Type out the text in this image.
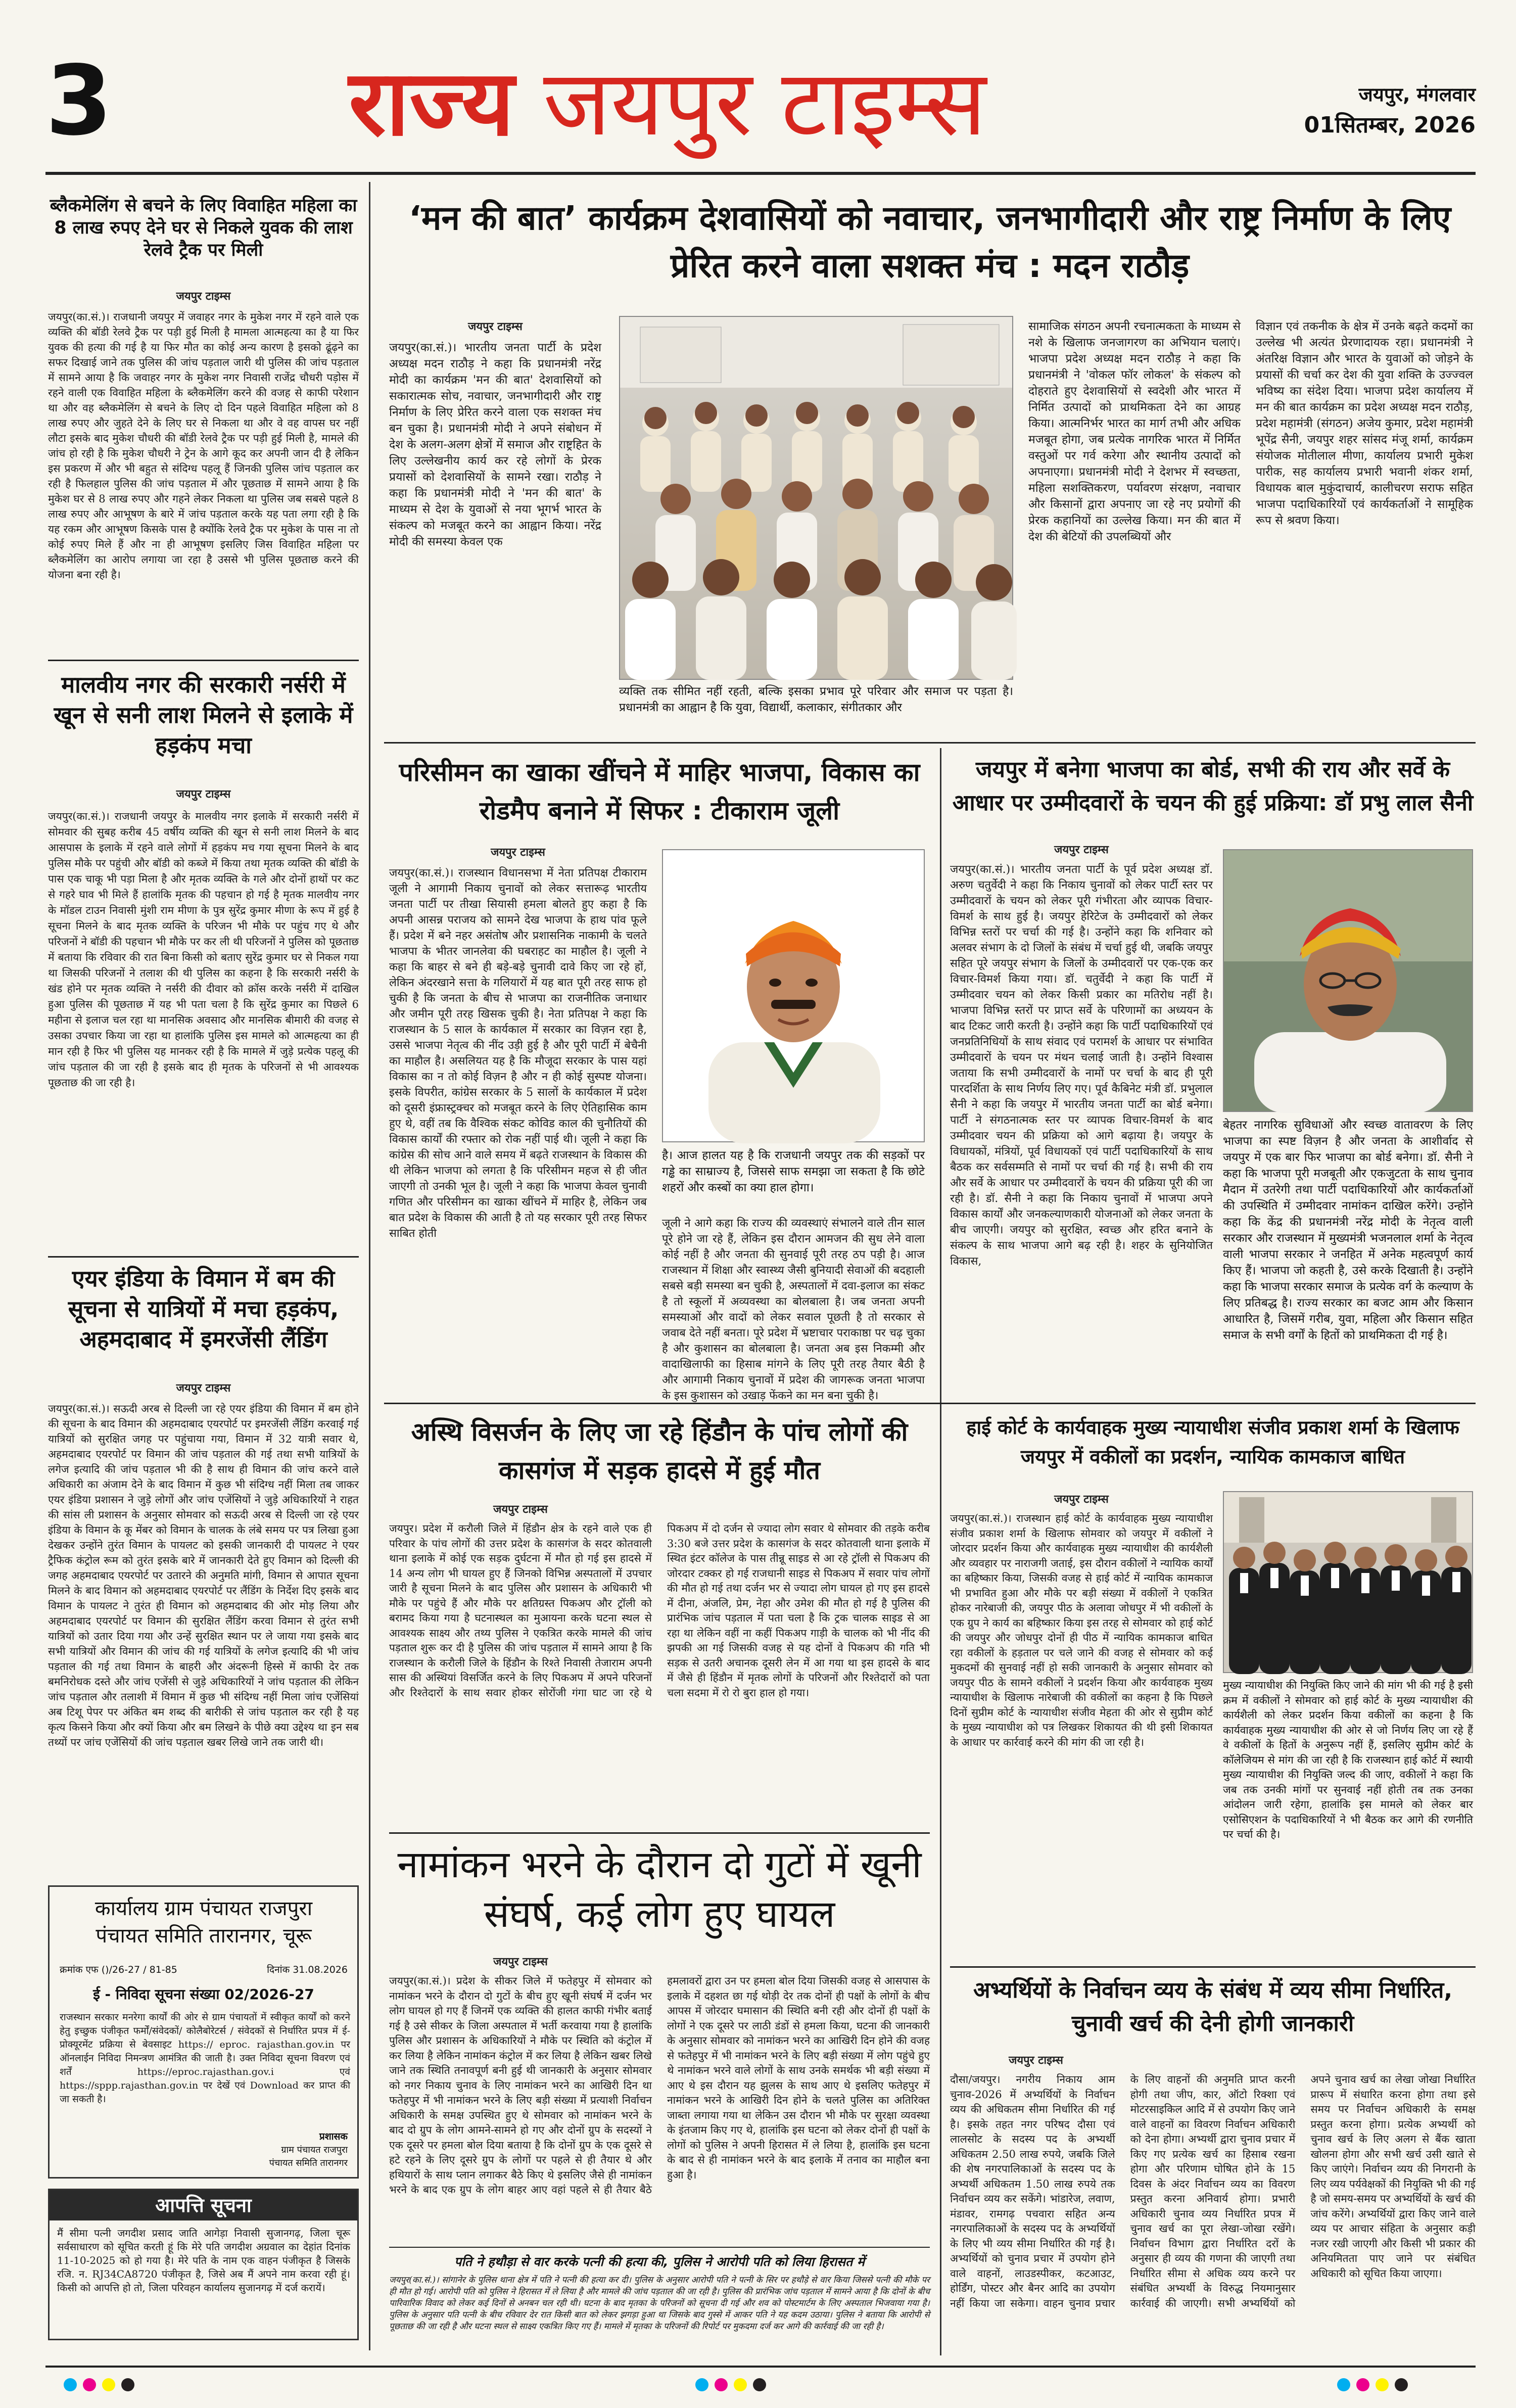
3	राज्य जयपुर टाइम्स	जयपुर, मंगलवार
01सितम्बर, 2026
ब्लैकमेलिंग से बचने के लिए विवाहित महिला का 8 लाख रुपए देने घर से निकले युवक की लाश रेलवे ट्रैक पर मिली
जयपुर टाइम्स
जयपुर(का.सं.)। राजधानी जयपुर में जवाहर नगर के मुकेश नगर में रहने वाले एक व्यक्ति की बॉडी रेलवे ट्रैक पर पड़ी हुई मिली है मामला आत्महत्या का है या फिर युवक की हत्या की गई है या फिर मौत का कोई अन्य कारण है इसको ढूंढ़ने का सफर दिखाई जाने तक पुलिस की जांच पड़ताल जारी थी पुलिस की जांच पड़ताल में सामने आया है कि जवाहर नगर के मुकेश नगर निवासी राजेंद्र चौधरी पड़ोस में रहने वाली एक विवाहित महिला के ब्लैकमेलिंग करने की वजह से काफी परेशान था और वह ब्लैकमेलिंग से बचने के लिए दो दिन पहले विवाहित महिला को 8 लाख रुपए और जुहते देने के लिए घर से निकला था और वे वह वापस घर नहीं लौटा इसके बाद मुकेश चौधरी की बॉडी रेलवे ट्रैक पर पड़ी हुई मिली है, मामले की जांच हो रही है कि मुकेश चौधरी ने ट्रेन के आगे कूद कर अपनी जान दी है लेकिन इस प्रकरण में और भी बहुत से संदिग्ध पहलू हैं जिनकी पुलिस जांच पड़ताल कर रही है फिलहाल पुलिस की जांच पड़ताल में और पूछताछ में सामने आया है कि मुकेश घर से 8 लाख रुपए और गहने लेकर निकला था पुलिस जब सबसे पहले 8 लाख रुपए और आभूषण के बारे में जांच पड़ताल करके यह पता लगा रही है कि यह रकम और आभूषण किसके पास है क्योंकि रेलवे ट्रैक पर मुकेश के पास ना तो कोई रुपए मिले हैं और ना ही आभूषण इसलिए जिस विवाहित महिला पर ब्लैकमेलिंग का आरोप लगाया जा रहा है उससे भी पुलिस पूछताछ करने की योजना बना रही है।
मालवीय नगर की सरकारी नर्सरी में खून से सनी लाश मिलने से इलाके में हड़कंप मचा
जयपुर टाइम्स
जयपुर(का.सं.)। राजधानी जयपुर के मालवीय नगर इलाके में सरकारी नर्सरी में सोमवार की सुबह करीब 45 वर्षीय व्यक्ति की खून से सनी लाश मिलने के बाद आसपास के इलाके में रहने वाले लोगों में हड़कंप मच गया सूचना मिलने के बाद पुलिस मौके पर पहुंची और बॉडी को कब्जे में किया तथा मृतक व्यक्ति की बॉडी के पास एक चाकू भी पड़ा मिला है और मृतक व्यक्ति के गले और दोनों हाथों पर कट से गहरे घाव भी मिले हैं हालांकि मृतक की पहचान हो गई है मृतक मालवीय नगर के मॉडल टाउन निवासी मुंशी राम मीणा के पुत्र सुरेंद्र कुमार मीणा के रूप में हुई है सूचना मिलने के बाद मृतक व्यक्ति के परिजन भी मौके पर पहुंच गए थे और परिजनों ने बॉडी की पहचान भी मौके पर कर ली थी परिजनों ने पुलिस को पूछताछ में बताया कि रविवार की रात बिना किसी को बताए सुरेंद्र कुमार घर से निकल गया था जिसकी परिजनों ने तलाश की थी पुलिस का कहना है कि सरकारी नर्सरी के खंड होने पर मृतक व्यक्ति ने नर्सरी की दीवार को क्रॉस करके नर्सरी में दाखिल हुआ पुलिस की पूछताछ में यह भी पता चला है कि सुरेंद्र कुमार का पिछले 6 महीना से इलाज चल रहा था मानसिक अवसाद और मानसिक बीमारी की वजह से उसका उपचार किया जा रहा था हालांकि पुलिस इस मामले को आत्महत्या का ही मान रही है फिर भी पुलिस यह मानकर रही है कि मामले में जुड़े प्रत्येक पहलू की जांच पड़ताल की जा रही है इसके बाद ही मृतक के परिजनों से भी आवश्यक पूछताछ की जा रही है।
एयर इंडिया के विमान में बम की सूचना से यात्रियों में मचा हड़कंप, अहमदाबाद में इमरजेंसी लैंडिंग
जयपुर टाइम्स
जयपुर(का.सं.)। सऊदी अरब से दिल्ली जा रहे एयर इंडिया की विमान में बम होने की सूचना के बाद विमान की अहमदाबाद एयरपोर्ट पर इमरजेंसी लैंडिंग करवाई गई यात्रियों को सुरक्षित जगह पर पहुंचाया गया, विमान में 32 यात्री सवार थे, अहमदाबाद एयरपोर्ट पर विमान की जांच पड़ताल की गई तथा सभी यात्रियों के लगेज इत्यादि की जांच पड़ताल भी की है साथ ही विमान की जांच करने वाले अधिकारी का अंजाम देने के बाद विमान में कुछ भी संदिग्ध नहीं मिला तब जाकर एयर इंडिया प्रशासन ने जुड़े लोगों और जांच एजेंसियों ने जुड़े अधिकारियों ने राहत की सांस ली प्रशासन के अनुसार सोमवार को सऊदी अरब से दिल्ली जा रहे एयर इंडिया के विमान के कू मेंबर को विमान के चालक के लंबे समय पर पत्र लिखा हुआ देखकर उन्होंने तुरंत विमान के पायलट को इसकी जानकारी दी पायलट ने एयर ट्रैफिक कंट्रोल रूम को तुरंत इसके बारे में जानकारी देते हुए विमान को दिल्ली की जगह अहमदाबाद एयरपोर्ट पर उतारने की अनुमति मांगी, विमान से आपात सूचना मिलने के बाद विमान को अहमदाबाद एयरपोर्ट पर लैंडिंग के निर्देश दिए इसके बाद विमान के पायलट ने तुरंत ही विमान को अहमदाबाद की ओर मोड़ लिया और अहमदाबाद एयरपोर्ट पर विमान की सुरक्षित लैंडिंग करवा विमान से तुरंत सभी यात्रियों को उतार दिया गया और उन्हें सुरक्षित स्थान पर ले जाया गया इसके बाद सभी यात्रियों और विमान की जांच की गई यात्रियों के लगेज इत्यादि की भी जांच पड़ताल की गई तथा विमान के बाहरी और अंदरूनी हिस्से में काफी देर तक बमनिरोधक दस्ते और जांच एजेंसी से जुड़े अधिकारियों ने जांच पड़ताल की लेकिन जांच पड़ताल और तलाशी में विमान में कुछ भी संदिग्ध नहीं मिला जांच एजेंसियां अब टिशू पेपर पर अंकित बम शब्द की बारीकी से जांच पड़ताल कर रही है यह कृत्य किसने किया और क्यों किया और बम लिखने के पीछे क्या उद्देश्य था इन सब तथ्यों पर जांच एजेंसियों की जांच पड़ताल खबर लिखे जाने तक जारी थी।
कार्यालय ग्राम पंचायत राजपुरा
पंचायत समिति तारानगर, चूरू
क्रमांक एफ ()/26-27 / 81-85	दिनांक 31.08.2026
ई - निविदा सूचना संख्या 02/2026-27
राजस्थान सरकार मनरेगा कार्यों की ओर से ग्राम पंचायतों में स्वीकृत कार्यों को करने हेतु इच्छुक पंजीकृत फर्मों/संवेदकों/ कोलैबोरेटर्स / संवेदकों से निर्धारित प्रपत्र में ई-प्रोक्यूरमेंट प्रक्रिया से बेवसाइट https:// eproc. rajasthan.gov.in पर ऑनलाईन निविदा निमन्त्रण आमंत्रित की जाती है। उक्त निविदा सूचना विवरण एवं शर्तें https://eproc.rajasthan.gov.i एवं https://sppp.rajasthan.gov.in पर देखें एवं Download कर प्राप्त की जा सकती है।
प्रशासक
ग्राम पंचायत राजपुरा
पंचायत समिति तारानगर
आपत्ति सूचना
मैं सीमा पत्नी जगदीश प्रसाद जाति आगेड़ा निवासी सुजानगढ़, जिला चूरू सर्वसाधारण को सूचित करती हूं कि मेरे पति जगदीश अग्रवाल का देहांत दिनांक 11-10-2025 को हो गया है। मेरे पति के नाम एक वाहन पंजीकृत है जिसके रजि. न. RJ34CA8720 पंजीकृत है, जिसे अब मैं अपने नाम करवा रही हूं। किसी को आपत्ति हो तो, जिला परिवहन कार्यालय सुजानगढ़ में दर्ज करायें।
‘मन की बात’ कार्यक्रम देशवासियों को नवाचार, जनभागीदारी और राष्ट्र निर्माण के लिए प्रेरित करने वाला सशक्त मंच : मदन राठौड़
जयपुर टाइम्स
जयपुर(का.सं.)। भारतीय जनता पार्टी के प्रदेश अध्यक्ष मदन राठौड़ ने कहा कि प्रधानमंत्री नरेंद्र मोदी का कार्यक्रम 'मन की बात' देशवासियों को सकारात्मक सोच, नवाचार, जनभागीदारी और राष्ट्र निर्माण के लिए प्रेरित करने वाला एक सशक्त मंच बन चुका है। प्रधानमंत्री मोदी ने अपने संबोधन में देश के अलग-अलग क्षेत्रों में समाज और राष्ट्रहित के लिए उल्लेखनीय कार्य कर रहे लोगों के प्रेरक प्रयासों को देशवासियों के सामने रखा। राठौड़ ने कहा कि प्रधानमंत्री मोदी ने 'मन की बात' के माध्यम से देश के युवाओं से नया भूगर्भ भारत के संकल्प को मजबूत करने का आह्वान किया। नरेंद्र मोदी की समस्या केवल एक
व्यक्ति तक सीमित नहीं रहती, बल्कि इसका प्रभाव पूरे परिवार और समाज पर पड़ता है। प्रधानमंत्री का आह्वान है कि युवा, विद्यार्थी, कलाकार, संगीतकार और
सामाजिक संगठन अपनी रचनात्मकता के माध्यम से नशे के खिलाफ जनजागरण का अभियान चलाएं। भाजपा प्रदेश अध्यक्ष मदन राठौड़ ने कहा कि प्रधानमंत्री ने 'वोकल फॉर लोकल' के संकल्प को दोहराते हुए देशवासियों से स्वदेशी और भारत में निर्मित उत्पादों को प्राथमिकता देने का आग्रह किया। आत्मनिर्भर भारत का मार्ग तभी और अधिक मजबूत होगा, जब प्रत्येक नागरिक भारत में निर्मित वस्तुओं पर गर्व करेगा और स्थानीय उत्पादों को अपनाएगा। प्रधानमंत्री मोदी ने देशभर में स्वच्छता, महिला सशक्तिकरण, पर्यावरण संरक्षण, नवाचार और किसानों द्वारा अपनाए जा रहे नए प्रयोगों की प्रेरक कहानियों का उल्लेख किया। मन की बात में देश की बेटियों की उपलब्धियों और
विज्ञान एवं तकनीक के क्षेत्र में उनके बढ़ते कदमों का उल्लेख भी अत्यंत प्रेरणादायक रहा। प्रधानमंत्री ने अंतरिक्ष विज्ञान और भारत के युवाओं को जोड़ने के प्रयासों की चर्चा कर देश की युवा शक्ति के उज्ज्वल भविष्य का संदेश दिया। भाजपा प्रदेश कार्यालय में मन की बात कार्यक्रम का प्रदेश अध्यक्ष मदन राठौड़, प्रदेश महामंत्री (संगठन) अजेय कुमार, प्रदेश महामंत्री भूपेंद्र सैनी, जयपुर शहर सांसद मंजू शर्मा, कार्यक्रम संयोजक मोतीलाल मीणा, कार्यालय प्रभारी मुकेश पारीक, सह कार्यालय प्रभारी भवानी शंकर शर्मा, विधायक बाल मुकुंदाचार्य, कालीचरण सराफ सहित भाजपा पदाधिकारियों एवं कार्यकर्ताओं ने सामूहिक रूप से श्रवण किया।
परिसीमन का खाका खींचने में माहिर भाजपा, विकास का रोडमैप बनाने में सिफर : टीकाराम जूली
जयपुर टाइम्स
जयपुर(का.सं.)। राजस्थान विधानसभा में नेता प्रतिपक्ष टीकाराम जूली ने आगामी निकाय चुनावों को लेकर सत्तारूढ़ भारतीय जनता पार्टी पर तीखा सियासी हमला बोलते हुए कहा है कि अपनी आसन्न पराजय को सामने देख भाजपा के हाथ पांव फूले हैं। प्रदेश में बने नहर असंतोष और प्रशासनिक नाकामी के चलते भाजपा के भीतर जानलेवा की घबराहट का माहौल है। जूली ने कहा कि बाहर से बने ही बड़े-बड़े चुनावी दावे किए जा रहे हों, लेकिन अंदरखाने सत्ता के गलियारों में यह बात पूरी तरह साफ हो चुकी है कि जनता के बीच से भाजपा का राजनीतिक जनाधार और जमीन पूरी तरह खिसक चुकी है। नेता प्रतिपक्ष ने कहा कि राजस्थान के 5 साल के कार्यकाल में सरकार का विज़न रहा है, उससे भाजपा नेतृत्व की नींद उड़ी हुई है और पूरी पार्टी में बेचैनी का माहौल है। असलियत यह है कि मौजूदा सरकार के पास यहां विकास का न तो कोई विज़न है और न ही कोई सुस्पष्ट योजना। इसके विपरीत, कांग्रेस सरकार के 5 सालों के कार्यकाल में प्रदेश को दूसरी इंफ्रास्ट्रक्चर को मजबूत करने के लिए ऐतिहासिक काम हुए थे, वहीं तब कि वैश्विक संकट कोविड काल की चुनौतियों की विकास कार्यों की रफ्तार को रोक नहीं पाई थी। जूली ने कहा कि कांग्रेस की सोच आने वाले समय में बढ़ते राजस्थान के विकास की थी लेकिन भाजपा को लगता है कि परिसीमन महज से ही जीत जाएगी तो उनकी भूल है। जूली ने कहा कि भाजपा केवल चुनावी गणित और परिसीमन का खाका खींचने में माहिर है, लेकिन जब बात प्रदेश के विकास की आती है तो यह सरकार पूरी तरह सिफर साबित होती
है। आज हालत यह है कि राजधानी जयपुर तक की सड़कों पर गड्ढे का साम्राज्य है, जिससे साफ समझा जा सकता है कि छोटे शहरों और कस्बों का क्या हाल होगा।
जूली ने आगे कहा कि राज्य की व्यवस्थाएं संभालने वाले तीन साल पूरे होने जा रहे हैं, लेकिन इस दौरान आमजन की सुध लेने वाला कोई नहीं है और जनता की सुनवाई पूरी तरह ठप पड़ी है। आज राजस्थान में शिक्षा और स्वास्थ्य जैसी बुनियादी सेवाओं की बदहाली सबसे बड़ी समस्या बन चुकी है, अस्पतालों में दवा-इलाज का संकट है तो स्कूलों में अव्यवस्था का बोलबाला है। जब जनता अपनी समस्याओं और वादों को लेकर सवाल पूछती है तो सरकार से जवाब देते नहीं बनता। पूरे प्रदेश में भ्रष्टाचार पराकाष्ठा पर चढ़ चुका है और कुशासन का बोलबाला है। जनता अब इस निकम्मी और वादाखिलाफी का हिसाब मांगने के लिए पूरी तरह तैयार बैठी है और आगामी निकाय चुनावों में प्रदेश की जागरूक जनता भाजपा के इस कुशासन को उखाड़ फेंकने का मन बना चुकी है।
जयपुर में बनेगा भाजपा का बोर्ड, सभी की राय और सर्वे के आधार पर उम्मीदवारों के चयन की हुई प्रक्रिया: डॉ प्रभु लाल सैनी
जयपुर टाइम्स
जयपुर(का.सं.)। भारतीय जनता पार्टी के पूर्व प्रदेश अध्यक्ष डॉ. अरुण चतुर्वेदी ने कहा कि निकाय चुनावों को लेकर पार्टी स्तर पर उम्मीदवारों के चयन को लेकर पूरी गंभीरता और व्यापक विचार-विमर्श के साथ हुई है। जयपुर हेरिटेज के उम्मीदवारों को लेकर विभिन्न स्तरों पर चर्चा की गई है। उन्होंने कहा कि शनिवार को अलवर संभाग के दो जिलों के संबंध में चर्चा हुई थी, जबकि जयपुर सहित पूरे जयपुर संभाग के जिलों के उम्मीदवारों पर एक-एक कर विचार-विमर्श किया गया। डॉ. चतुर्वेदी ने कहा कि पार्टी में उम्मीदवार चयन को लेकर किसी प्रकार का मतिरोध नहीं है। भाजपा विभिन्न स्तरों पर प्राप्त सर्वे के परिणामों का अध्ययन के बाद टिकट जारी करती है। उन्होंने कहा कि पार्टी पदाधिकारियों एवं जनप्रतिनिधियों के साथ संवाद एवं परामर्श के आधार पर संभावित उम्मीदवारों के चयन पर मंथन चलाई जाती है। उन्होंने विश्वास जताया कि सभी उम्मीदवारों के नामों पर चर्चा के बाद ही पूरी पारदर्शिता के साथ निर्णय लिए गए। पूर्व कैबिनेट मंत्री डॉ. प्रभुलाल सैनी ने कहा कि जयपुर में भारतीय जनता पार्टी का बोर्ड बनेगा। पार्टी ने संगठनात्मक स्तर पर व्यापक विचार-विमर्श के बाद उम्मीदवार चयन की प्रक्रिया को आगे बढ़ाया है। जयपुर के विधायकों, मंत्रियों, पूर्व विधायकों एवं पार्टी पदाधिकारियों के साथ बैठक कर सर्वसम्मति से नामों पर चर्चा की गई है। सभी की राय और सर्वे के आधार पर उम्मीदवारों के चयन की प्रक्रिया पूरी की जा रही है। डॉ. सैनी ने कहा कि निकाय चुनावों में भाजपा अपने विकास कार्यों और जनकल्याणकारी योजनाओं को लेकर जनता के बीच जाएगी। जयपुर को सुरक्षित, स्वच्छ और हरित बनाने के संकल्प के साथ भाजपा आगे बढ़ रही है। शहर के सुनियोजित विकास,
बेहतर नागरिक सुविधाओं और स्वच्छ वातावरण के लिए भाजपा का स्पष्ट विज़न है और जनता के आशीर्वाद से जयपुर में एक बार फिर भाजपा का बोर्ड बनेगा। डॉ. सैनी ने कहा कि भाजपा पूरी मजबूती और एकजुटता के साथ चुनाव मैदान में उतरेगी तथा पार्टी पदाधिकारियों और कार्यकर्ताओं की उपस्थिति में उम्मीदवार नामांकन दाखिल करेंगे। उन्होंने कहा कि केंद्र की प्रधानमंत्री नरेंद्र मोदी के नेतृत्व वाली सरकार और राजस्थान में मुख्यमंत्री भजनलाल शर्मा के नेतृत्व वाली भाजपा सरकार ने जनहित में अनेक महत्वपूर्ण कार्य किए हैं। भाजपा जो कहती है, उसे करके दिखाती है। उन्होंने कहा कि भाजपा सरकार समाज के प्रत्येक वर्ग के कल्याण के लिए प्रतिबद्ध है। राज्य सरकार का बजट आम और किसान आधारित है, जिसमें गरीब, युवा, महिला और किसान सहित समाज के सभी वर्गों के हितों को प्राथमिकता दी गई है।
अस्थि विसर्जन के लिए जा रहे हिंडौन के पांच लोगों की कासगंज में सड़क हादसे में हुई मौत
जयपुर टाइम्स
जयपुर। प्रदेश में करौली जिले में हिंडौन क्षेत्र के रहने वाले एक ही परिवार के पांच लोगों की उत्तर प्रदेश के कासगंज के सदर कोतवाली थाना इलाके में कोई एक सड़क दुर्घटना में मौत हो गई इस हादसे में 14 अन्य लोग भी घायल हुए हैं जिनको विभिन्न अस्पतालों में उपचार जारी है सूचना मिलने के बाद पुलिस और प्रशासन के अधिकारी भी मौके पर पहुंचे हैं और मौके पर क्षतिग्रस्त पिकअप और ट्रॉली को बरामद किया गया है घटनास्थल का मुआयना करके घटना स्थल से आवश्यक साक्ष्य और तथ्य पुलिस ने एकत्रित करके मामले की जांच पड़ताल शुरू कर दी है पुलिस की जांच पड़ताल में सामने आया है कि राजस्थान के करौली जिले के हिंडौन के रिश्ते निवासी तेजाराम अपनी सास की अस्थियां विसर्जित करने के लिए पिकअप में अपने परिजनों और रिश्तेदारों के साथ सवार होकर सोरोंजी गंगा घाट जा रहे थे पिकअप में दो दर्जन से ज्यादा लोग सवार थे सोमवार की तड़के करीब 3:30 बजे उत्तर प्रदेश के कासगंज के सदर कोतवाली थाना इलाके में स्थित इंटर कॉलेज के पास तीन्नू साइड से आ रहे ट्रॉली से पिकअप की जोरदार टक्कर हो गई राजधानी साइड से पिकअप में सवार पांच लोगों की मौत हो गई तथा दर्जन भर से ज्यादा लोग घायल हो गए इस हादसे में दीना, अंजलि, प्रेम, नेहा और उमेश की मौत हो गई है पुलिस की प्रारंभिक जांच पड़ताल में पता चला है कि ट्रक चालक साइड से आ रहा था लेकिन वहीं ना कहीं पिकअप गाड़ी के चालक को भी नींद की झपकी आ गई जिसकी वजह से यह दोनों वे पिकअप की गति भी सड़क से उतरी अचानक दूसरी लेन में आ गया था इस हादसे के बाद में जैसे ही हिंडौन में मृतक लोगों के परिजनों और रिश्तेदारों को पता चला सदमा में रो रो बुरा हाल हो गया।
नामांकन भरने के दौरान दो गुटों में खूनी संघर्ष, कई लोग हुए घायल
जयपुर टाइम्स
जयपुर(का.सं.)। प्रदेश के सीकर जिले में फतेहपुर में सोमवार को नामांकन भरने के दौरान दो गुटों के बीच हुए खूनी संघर्ष में दर्जन भर लोग घायल हो गए हैं जिनमें एक व्यक्ति की हालत काफी गंभीर बताई गई है उसे सीकर के जिला अस्पताल में भर्ती करवाया गया है हालांकि पुलिस और प्रशासन के अधिकारियों ने मौके पर स्थिति को कंट्रोल में कर लिया है लेकिन नामांकन कंट्रोल में कर लिया है लेकिन खबर लिखे जाने तक स्थिति तनावपूर्ण बनी हुई थी जानकारी के अनुसार सोमवार को नगर निकाय चुनाव के लिए नामांकन भरने का आखिरी दिन था फतेहपुर में भी नामांकन भरने के लिए बड़ी संख्या में प्रत्याशी निर्वाचन अधिकारी के समक्ष उपस्थित हुए थे सोमवार को नामांकन भरने के बाद दो ग्रुप के लोग आमने-सामने हो गए और दोनों ग्रुप के सदस्यों ने एक दूसरे पर हमला बोल दिया बताया है कि दोनों ग्रुप के एक दूसरे से हटे रहने के लिए दूसरे ग्रुप के लोगों पर पहले से ही तैयार थे और हथियारों के साथ प्लान लगाकर बैठे किए थे इसलिए जैसे ही नामांकन भरने के बाद एक ग्रुप के लोग बाहर आए वहां पहले से ही तैयार बैठे हमलावरों द्वारा उन पर हमला बोल दिया जिसकी वजह से आसपास के इलाके में दहशत छा गई थोड़ी देर तक दोनों ही पक्षों के लोगों के बीच आपस में जोरदार घमासान की स्थिति बनी रही और दोनों ही पक्षों के लोगों ने एक दूसरे पर लाठी डंडों से हमला किया, घटना की जानकारी के अनुसार सोमवार को नामांकन भरने का आखिरी दिन होने की वजह से फतेहपुर में भी नामांकन भरने के लिए बड़ी संख्या में लोग पहुंचे हुए थे नामांकन भरने वाले लोगों के साथ उनके समर्थक भी बड़ी संख्या में आए थे इस दौरान यह झुलस के साथ आए थे इसलिए फतेहपुर में नामांकन भरने के आखिरी दिन होने के चलते पुलिस का अतिरिक्त जाब्ता लगाया गया था लेकिन उस दौरान भी मौके पर सुरक्षा व्यवस्था के इंतजाम किए गए थे, हालांकि इस घटना को लेकर दोनों ही पक्षों के लोगों को पुलिस ने अपनी हिरासत में ले लिया है, हालांकि इस घटना के बाद से ही नामांकन भरने के बाद इलाके में तनाव का माहौल बना हुआ है।
पति ने हथौड़ा से वार करके पत्नी की हत्या की, पुलिस ने आरोपी पति को लिया हिरासत में
जयपुर(का.सं.)। सांगानेर के पुलिस थाना क्षेत्र में पति ने पत्नी की हत्या कर दी। पुलिस के अनुसार आरोपी पति ने पत्नी के सिर पर हथौड़े से वार किया जिससे पत्नी की मौके पर ही मौत हो गई। आरोपी पति को पुलिस ने हिरासत में ले लिया है और मामले की जांच पड़ताल की जा रही है। पुलिस की प्रारंभिक जांच पड़ताल में सामने आया है कि दोनों के बीच पारिवारिक विवाद को लेकर कई दिनों से अनबन चल रही थी। घटना के बाद मृतका के परिजनों को सूचना दी गई और शव को पोस्टमार्टम के लिए अस्पताल भिजवाया गया है। पुलिस के अनुसार पति पत्नी के बीच रविवार देर रात किसी बात को लेकर झगड़ा हुआ था जिसके बाद गुस्से में आकर पति ने यह कदम उठाया। पुलिस ने बताया कि आरोपी से पूछताछ की जा रही है और घटना स्थल से साक्ष्य एकत्रित किए गए हैं। मामले में मृतका के परिजनों की रिपोर्ट पर मुकदमा दर्ज कर आगे की कार्रवाई की जा रही है।
हाई कोर्ट के कार्यवाहक मुख्य न्यायाधीश संजीव प्रकाश शर्मा के खिलाफ जयपुर में वकीलों का प्रदर्शन, न्यायिक कामकाज बाधित
जयपुर टाइम्स
जयपुर(का.सं.)। राजस्थान हाई कोर्ट के कार्यवाहक मुख्य न्यायाधीश संजीव प्रकाश शर्मा के खिलाफ सोमवार को जयपुर में वकीलों ने जोरदार प्रदर्शन किया और कार्यवाहक मुख्य न्यायाधीश की कार्यशैली और व्यवहार पर नाराजगी जताई, इस दौरान वकीलों ने न्यायिक कार्यों का बहिष्कार किया, जिसकी वजह से हाई कोर्ट में न्यायिक कामकाज भी प्रभावित हुआ और मौके पर बड़ी संख्या में वकीलों ने एकत्रित होकर नारेबाजी की, जयपुर पीठ के अलावा जोधपुर में भी वकीलों के एक ग्रुप ने कार्य का बहिष्कार किया इस तरह से सोमवार को हाई कोर्ट की जयपुर और जोधपुर दोनों ही पीठ में न्यायिक कामकाज बाधित रहा वकीलों के हड़ताल पर चले जाने की वजह से सोमवार को कई मुकदमों की सुनवाई नहीं हो सकी जानकारी के अनुसार सोमवार को जयपुर पीठ के सामने वकीलों ने प्रदर्शन किया और कार्यवाहक मुख्य न्यायाधीश के खिलाफ नारेबाजी की वकीलों का कहना है कि पिछले दिनों सुप्रीम कोर्ट के न्यायाधीश संजीव मेहता की ओर से सुप्रीम कोर्ट के मुख्य न्यायाधीश को पत्र लिखकर शिकायत की थी इसी शिकायत के आधार पर कार्रवाई करने की मांग की जा रही है।
मुख्य न्यायाधीश की नियुक्ति किए जाने की मांग भी की गई है इसी क्रम में वकीलों ने सोमवार को हाई कोर्ट के मुख्य न्यायाधीश की कार्यशैली को लेकर प्रदर्शन किया वकीलों का कहना है कि कार्यवाहक मुख्य न्यायाधीश की ओर से जो निर्णय लिए जा रहे हैं वे वकीलों के हितों के अनुरूप नहीं हैं, इसलिए सुप्रीम कोर्ट के कॉलेजियम से मांग की जा रही है कि राजस्थान हाई कोर्ट में स्थायी मुख्य न्यायाधीश की नियुक्ति जल्द की जाए, वकीलों ने कहा कि जब तक उनकी मांगों पर सुनवाई नहीं होती तब तक उनका आंदोलन जारी रहेगा, हालांकि इस मामले को लेकर बार एसोसिएशन के पदाधिकारियों ने भी बैठक कर आगे की रणनीति पर चर्चा की है।
अभ्यर्थियों के निर्वाचन व्यय के संबंध में व्यय सीमा निर्धारित, चुनावी खर्च की देनी होगी जानकारी
जयपुर टाइम्स
दौसा/जयपुर। नगरीय निकाय आम चुनाव-2026 में अभ्यर्थियों के निर्वाचन व्यय की अधिकतम सीमा निर्धारित की गई है। इसके तहत नगर परिषद दौसा एवं लालसोट के सदस्य पद के अभ्यर्थी अधिकतम 2.50 लाख रुपये, जबकि जिले की शेष नगरपालिकाओं के सदस्य पद के अभ्यर्थी अधिकतम 1.50 लाख रुपये तक निर्वाचन व्यय कर सकेंगे। भांडारेज, लवाण, मंडावर, रामगढ़ पचवारा सहित अन्य नगरपालिकाओं के सदस्य पद के अभ्यर्थियों के लिए भी व्यय सीमा निर्धारित की गई है। अभ्यर्थियों को चुनाव प्रचार में उपयोग होने वाले वाहनों, लाउडस्पीकर, कटआउट, होर्डिंग, पोस्टर और बैनर आदि का उपयोग नहीं किया जा सकेगा। वाहन चुनाव प्रचार के लिए वाहनों की अनुमति प्राप्त करनी होगी तथा जीप, कार, ऑटो रिक्शा एवं मोटरसाइकिल आदि में से उपयोग किए जाने वाले वाहनों का विवरण निर्वाचन अधिकारी को देना होगा। अभ्यर्थी द्वारा चुनाव प्रचार में किए गए प्रत्येक खर्च का हिसाब रखना होगा और परिणाम घोषित होने के 15 दिवस के अंदर निर्वाचन व्यय का विवरण प्रस्तुत करना अनिवार्य होगा। प्रभारी अधिकारी चुनाव व्यय निर्धारित प्रपत्र में चुनाव खर्च का पूरा लेखा-जोखा रखेंगे। निर्वाचन विभाग द्वारा निर्धारित दरों के अनुसार ही व्यय की गणना की जाएगी तथा निर्धारित सीमा से अधिक व्यय करने पर संबंधित अभ्यर्थी के विरुद्ध नियमानुसार कार्रवाई की जाएगी। सभी अभ्यर्थियों को अपने चुनाव खर्च का लेखा जोखा निर्धारित प्रारूप में संधारित करना होगा तथा इसे समय पर निर्वाचन अधिकारी के समक्ष प्रस्तुत करना होगा। प्रत्येक अभ्यर्थी को चुनाव खर्च के लिए अलग से बैंक खाता खोलना होगा और सभी खर्च उसी खाते से किए जाएंगे। निर्वाचन व्यय की निगरानी के लिए व्यय पर्यवेक्षकों की नियुक्ति भी की गई है जो समय-समय पर अभ्यर्थियों के खर्च की जांच करेंगे। अभ्यर्थियों द्वारा किए जाने वाले व्यय पर आचार संहिता के अनुसार कड़ी नजर रखी जाएगी और किसी भी प्रकार की अनियमितता पाए जाने पर संबंधित अधिकारी को सूचित किया जाएगा।
